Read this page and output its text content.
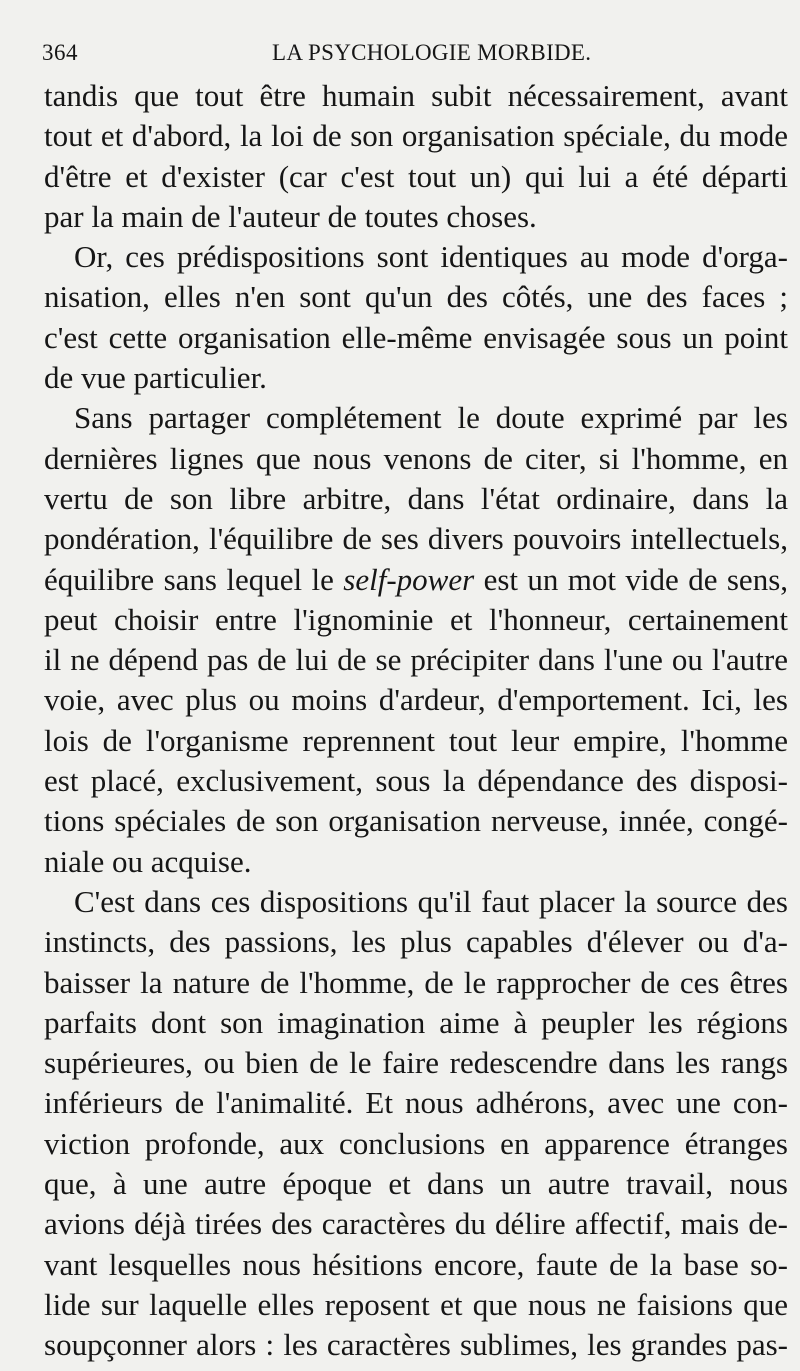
364	LA PSYCHOLOGIE MORBIDE.
tandis que tout être humain subit nécessairement, avant
tout et d'abord, la loi de son organisation spéciale, du mode
d'être et d'exister (car c'est tout un) qui lui a été départi
par la main de l'auteur de toutes choses.
Or, ces prédispositions sont identiques au mode d'orga-
nisation, elles n'en sont qu'un des côtés, une des faces ;
c'est cette organisation elle-même envisagée sous un point
de vue particulier.
Sans partager complétement le doute exprimé par les
dernières lignes que nous venons de citer, si l'homme, en
vertu de son libre arbitre, dans l'état ordinaire, dans la
pondération, l'équilibre de ses divers pouvoirs intellectuels,
équilibre sans lequel le self-power est un mot vide de sens,
peut choisir entre l'ignominie et l'honneur, certainement
il ne dépend pas de lui de se précipiter dans l'une ou l'autre
voie, avec plus ou moins d'ardeur, d'emportement. Ici, les
lois de l'organisme reprennent tout leur empire, l'homme
est placé, exclusivement, sous la dépendance des disposi-
tions spéciales de son organisation nerveuse, innée, congé-
niale ou acquise.
C'est dans ces dispositions qu'il faut placer la source des
instincts, des passions, les plus capables d'élever ou d'a-
baisser la nature de l'homme, de le rapprocher de ces êtres
parfaits dont son imagination aime à peupler les régions
supérieures, ou bien de le faire redescendre dans les rangs
inférieurs de l'animalité. Et nous adhérons, avec une con-
viction profonde, aux conclusions en apparence étranges
que, à une autre époque et dans un autre travail, nous
avions déjà tirées des caractères du délire affectif, mais de-
vant lesquelles nous hésitions encore, faute de la base so-
lide sur laquelle elles reposent et que nous ne faisions que
soupçonner alors : les caractères sublimes, les grandes pas-
